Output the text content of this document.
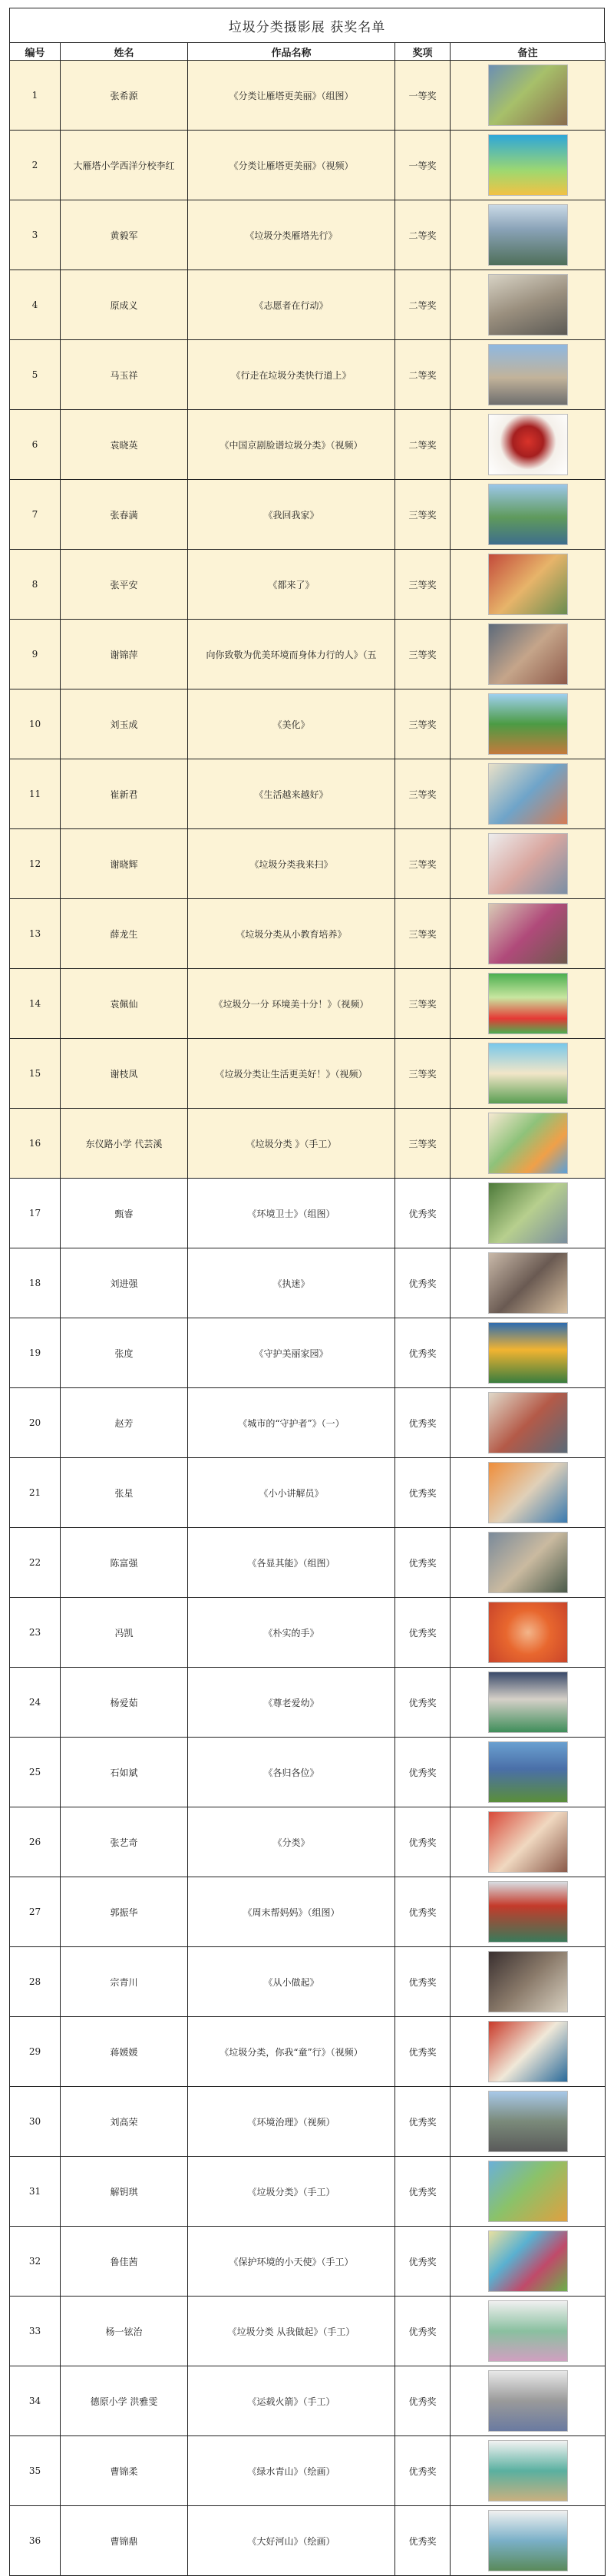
垃圾分类摄影展 获奖名单
编号	姓名	作品名称	奖项	备注
1	张希源	《分类让雁塔更美丽》（组图）	一等奖	
2	大雁塔小学西洋分校李红	《分类让雁塔更美丽》（视频）	一等奖	
3	黄毅军	《垃圾分类雁塔先行》	二等奖	
4	原成义	《志愿者在行动》	二等奖	
5	马玉祥	《行走在垃圾分类快行道上》	二等奖	
6	袁晓英	《中国京剧脸谱垃圾分类》（视频）	二等奖	
7	张春满	《我回我家》	三等奖	
8	张平安	《都来了》	三等奖	
9	谢锦萍	向你致敬为优美环境而身体力行的人》（五	三等奖	
10	刘玉成	《美化》	三等奖	
11	崔新君	《生活越来越好》	三等奖	
12	谢晓辉	《垃圾分类我来扫》	三等奖	
13	薛龙生	《垃圾分类从小教育培养》	三等奖	
14	袁佩仙	《垃圾分一分 环境美十分！》（视频）	三等奖	
15	谢枝凤	《垃圾分类让生活更美好！》（视频）	三等奖	
16	东仪路小学 代芸溪	《垃圾分类 》（手工）	三等奖	
17	甄睿	《环境卫士》（组图）	优秀奖	
18	刘进强	《执迷》	优秀奖	
19	张度	《守护美丽家园》	优秀奖	
20	赵芳	《城市的“守护者”》（一）	优秀奖	
21	张星	《小小讲解员》	优秀奖	
22	陈富强	《各显其能》（组图）	优秀奖	
23	冯凯	《朴实的手》	优秀奖	
24	杨爱茹	《尊老爱幼》	优秀奖	
25	石如斌	《各归各位》	优秀奖	
26	张艺奇	《分类》	优秀奖	
27	郭振华	《周末帮妈妈》（组图）	优秀奖	
28	宗青川	《从小做起》	优秀奖	
29	蒋媛媛	《垃圾分类，你我“童”行》（视频）	优秀奖	
30	刘高荣	《环境治理》（视频）	优秀奖	
31	解钥琪	《垃圾分类》（手工）	优秀奖	
32	鲁佳茜	《保护环境的小天使》（手工）	优秀奖	
33	杨一铉治	《垃圾分类 从我做起》（手工）	优秀奖	
34	德原小学 洪雅雯	《运载火箭》（手工）	优秀奖	
35	曹锦柔	《绿水青山》（绘画）	优秀奖	
36	曹锦鼎	《大好河山》（绘画）	优秀奖	
